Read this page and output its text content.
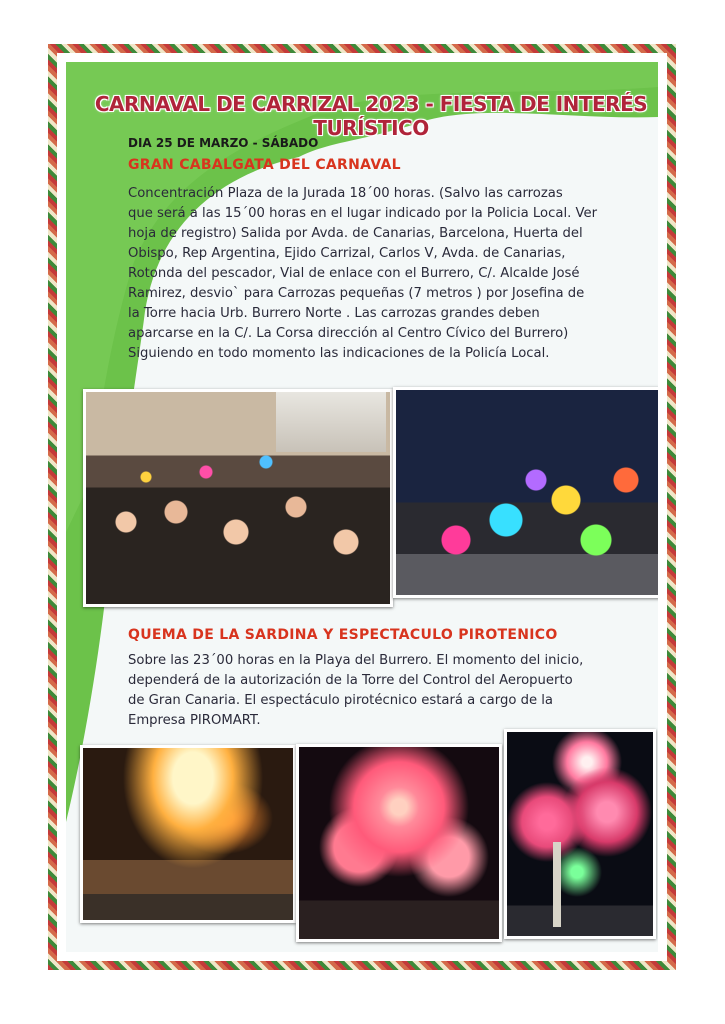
CARNAVAL DE CARRIZAL 2023 - FIESTA DE INTERÉS TURÍSTICO
DIA 25 DE MARZO - SÁBADO
GRAN CABALGATA DEL CARNAVAL
Concentración Plaza de la Jurada 18´00 horas. (Salvo las carrozas
que será a las 15´00 horas en el lugar indicado por la Policia Local. Ver
hoja de registro) Salida por Avda. de Canarias, Barcelona, Huerta del
Obispo, Rep Argentina, Ejido Carrizal, Carlos V, Avda. de Canarias,
Rotonda del pescador, Vial de enlace con el Burrero, C/. Alcalde José
Ramirez, desvio` para Carrozas pequeñas (7 metros ) por Josefina de
la Torre hacia Urb. Burrero Norte . Las carrozas grandes deben
aparcarse en la C/. La Corsa dirección al Centro Cívico del Burrero)
Siguiendo en todo momento las indicaciones de la Policía Local.
QUEMA DE LA SARDINA Y ESPECTACULO PIROTENICO
Sobre las 23´00 horas en la Playa del Burrero. El momento del inicio,
dependerá de la autorización de la Torre del Control del Aeropuerto
de Gran Canaria. El espectáculo pirotécnico estará a cargo de la
Empresa PIROMART.
